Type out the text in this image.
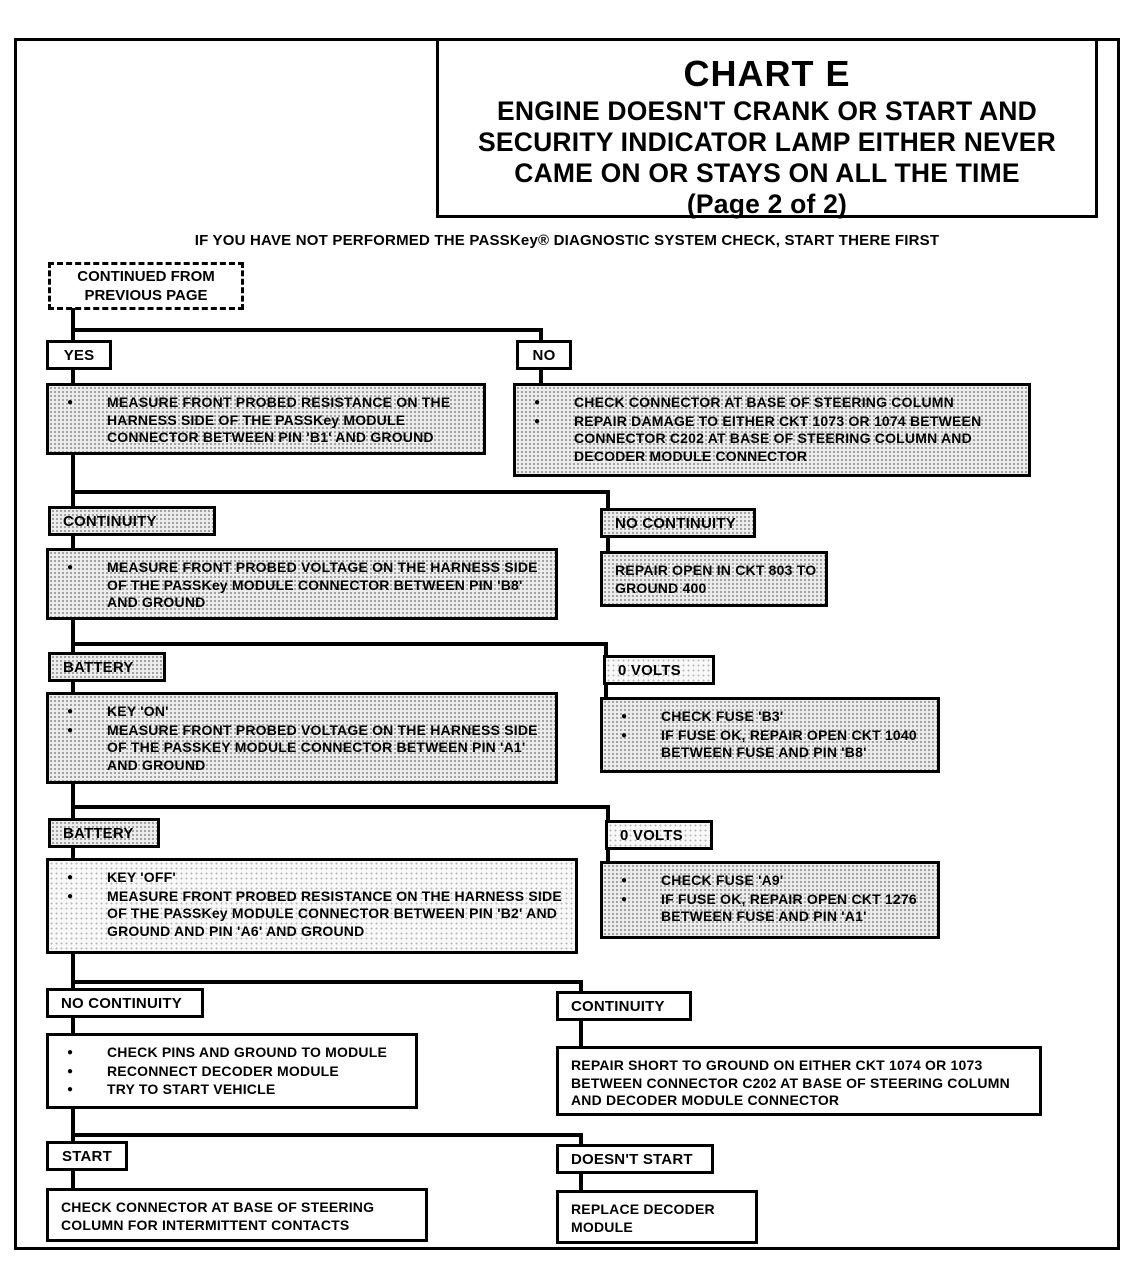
CHART E
ENGINE DOESN'T CRANK OR START AND
SECURITY INDICATOR LAMP EITHER NEVER
CAME ON OR STAYS ON ALL THE TIME
(Page 2 of 2)
IF YOU HAVE NOT PERFORMED THE PASSKey® DIAGNOSTIC SYSTEM CHECK, START THERE FIRST
CONTINUED FROM PREVIOUS PAGE
YES	NO
●	MEASURE FRONT PROBED RESISTANCE ON THE HARNESS SIDE OF THE PASSKey MODULE CONNECTOR BETWEEN PIN 'B1' AND GROUND
●	CHECK CONNECTOR AT BASE OF STEERING COLUMN
●	REPAIR DAMAGE TO EITHER CKT 1073 OR 1074 BETWEEN CONNECTOR C202 AT BASE OF STEERING COLUMN AND DECODER MODULE CONNECTOR
CONTINUITY	NO CONTINUITY
●	MEASURE FRONT PROBED VOLTAGE ON THE HARNESS SIDE OF THE PASSKey MODULE CONNECTOR BETWEEN PIN 'B8' AND GROUND
REPAIR OPEN IN CKT 803 TO GROUND 400
BATTERY	0 VOLTS
●	KEY 'ON'
●	MEASURE FRONT PROBED VOLTAGE ON THE HARNESS SIDE OF THE PASSKEY MODULE CONNECTOR BETWEEN PIN 'A1' AND GROUND
●	CHECK FUSE 'B3'
●	IF FUSE OK, REPAIR OPEN CKT 1040 BETWEEN FUSE AND PIN 'B8'
BATTERY	0 VOLTS
●	KEY 'OFF'
●	MEASURE FRONT PROBED RESISTANCE ON THE HARNESS SIDE OF THE PASSKey MODULE CONNECTOR BETWEEN PIN 'B2' AND GROUND AND PIN 'A6' AND GROUND
●	CHECK FUSE 'A9'
●	IF FUSE OK, REPAIR OPEN CKT 1276 BETWEEN FUSE AND PIN 'A1'
NO CONTINUITY	CONTINUITY
●	CHECK PINS AND GROUND TO MODULE
●	RECONNECT DECODER MODULE
●	TRY TO START VEHICLE
REPAIR SHORT TO GROUND ON EITHER CKT 1074 OR 1073 BETWEEN CONNECTOR C202 AT BASE OF STEERING COLUMN AND DECODER MODULE CONNECTOR
START	DOESN'T START
CHECK CONNECTOR AT BASE OF STEERING COLUMN FOR INTERMITTENT CONTACTS
REPLACE DECODER MODULE
